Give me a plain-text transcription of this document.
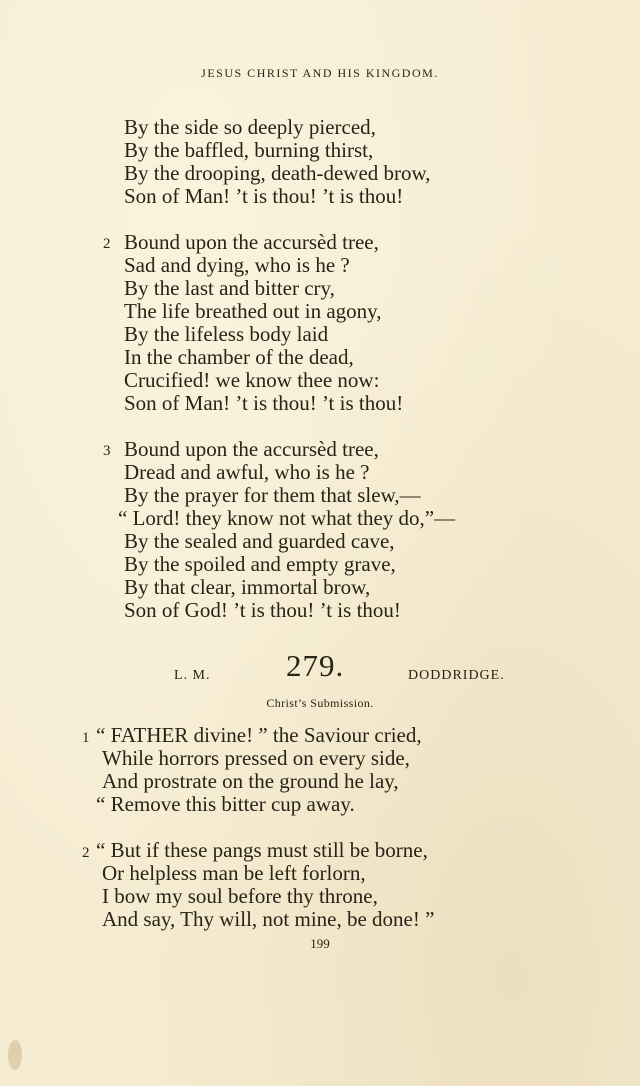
JESUS CHRIST AND HIS KINGDOM.
By the side so deeply pierced,
By the baffled, burning thirst,
By the drooping, death-dewed brow,
Son of Man! ’t is thou! ’t is thou!
2 Bound upon the accursèd tree,
Sad and dying, who is he ?
By the last and bitter cry,
The life breathed out in agony,
By the lifeless body laid
In the chamber of the dead,
Crucified! we know thee now:
Son of Man! ’t is thou! ’t is thou!
3 Bound upon the accursèd tree,
Dread and awful, who is he ?
By the prayer for them that slew,—
“ Lord! they know not what they do,”—
By the sealed and guarded cave,
By the spoiled and empty grave,
By that clear, immortal brow,
Son of God! ’t is thou! ’t is thou!
L. M. 279.	DODDRIDGE.
Christ’s Submission.
1 “ FATHER divine! ” the Saviour cried,
While horrors pressed on every side,
And prostrate on the ground he lay,
“ Remove this bitter cup away.
2 “ But if these pangs must still be borne,
Or helpless man be left forlorn,
I bow my soul before thy throne,
And say, Thy will, not mine, be done! ”
199
